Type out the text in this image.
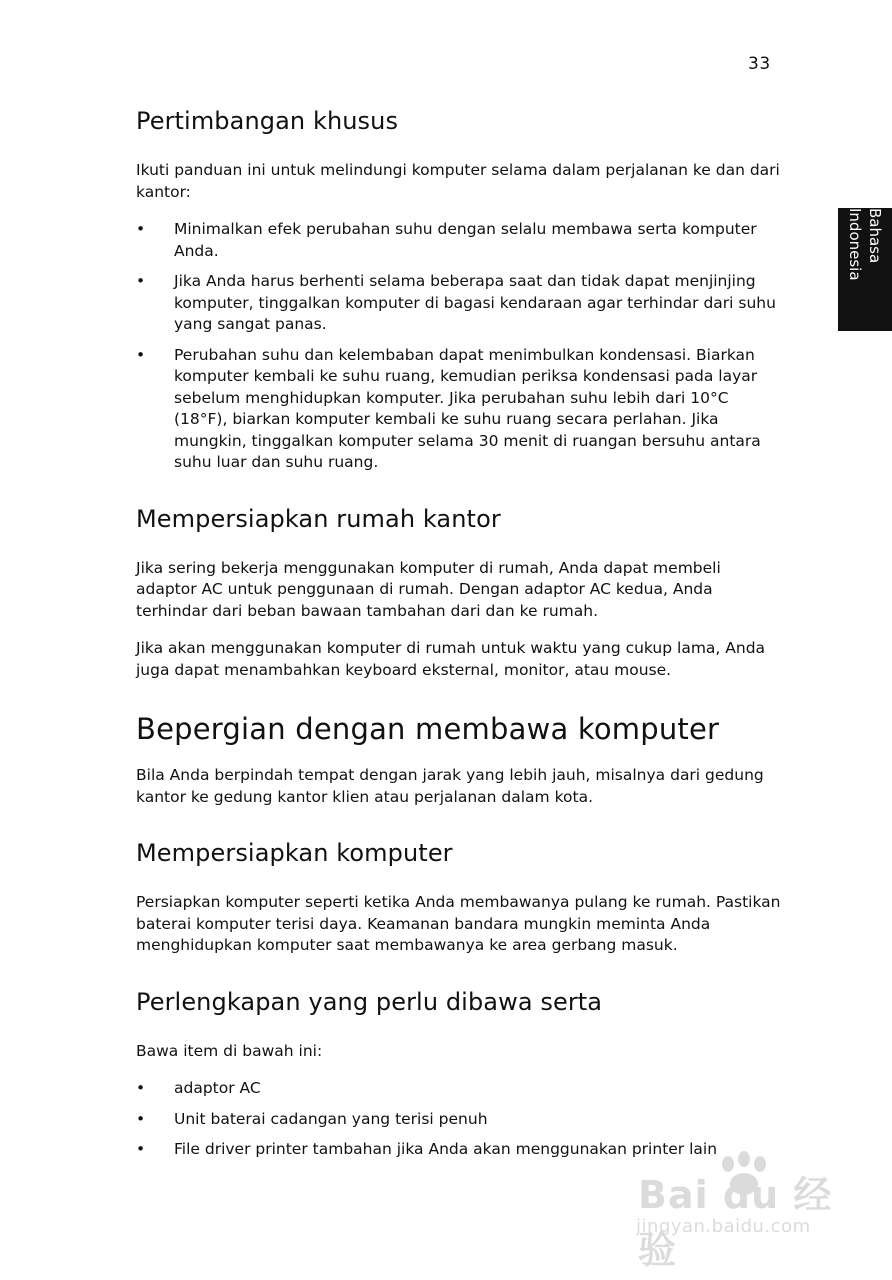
33
Bahasa Indonesia
Pertimbangan khusus

Ikuti panduan ini untuk melindungi komputer selama dalam perjalanan ke dan dari kantor:

•	Minimalkan efek perubahan suhu dengan selalu membawa serta komputer Anda.
•	Jika Anda harus berhenti selama beberapa saat dan tidak dapat menjinjing komputer, tinggalkan komputer di bagasi kendaraan agar terhindar dari suhu yang sangat panas.
•	Perubahan suhu dan kelembaban dapat menimbulkan kondensasi. Biarkan komputer kembali ke suhu ruang, kemudian periksa kondensasi pada layar sebelum menghidupkan komputer. Jika perubahan suhu lebih dari 10°C (18°F), biarkan komputer kembali ke suhu ruang secara perlahan. Jika mungkin, tinggalkan komputer selama 30 menit di ruangan bersuhu antara suhu luar dan suhu ruang.
Mempersiapkan rumah kantor

Jika sering bekerja menggunakan komputer di rumah, Anda dapat membeli adaptor AC untuk penggunaan di rumah. Dengan adaptor AC kedua, Anda terhindar dari beban bawaan tambahan dari dan ke rumah.

Jika akan menggunakan komputer di rumah untuk waktu yang cukup lama, Anda juga dapat menambahkan keyboard eksternal, monitor, atau mouse.

Bepergian dengan membawa komputer

Bila Anda berpindah tempat dengan jarak yang lebih jauh, misalnya dari gedung kantor ke gedung kantor klien atau perjalanan dalam kota.

Mempersiapkan komputer

Persiapkan komputer seperti ketika Anda membawanya pulang ke rumah. Pastikan baterai komputer terisi daya. Keamanan bandara mungkin meminta Anda menghidupkan komputer saat membawanya ke area gerbang masuk.

Perlengkapan yang perlu dibawa serta

Bawa item di bawah ini:

•	adaptor AC
•	Unit baterai cadangan yang terisi penuh
•	File driver printer tambahan jika Anda akan menggunakan printer lain
Bai du 经验
jingyan.baidu.com
